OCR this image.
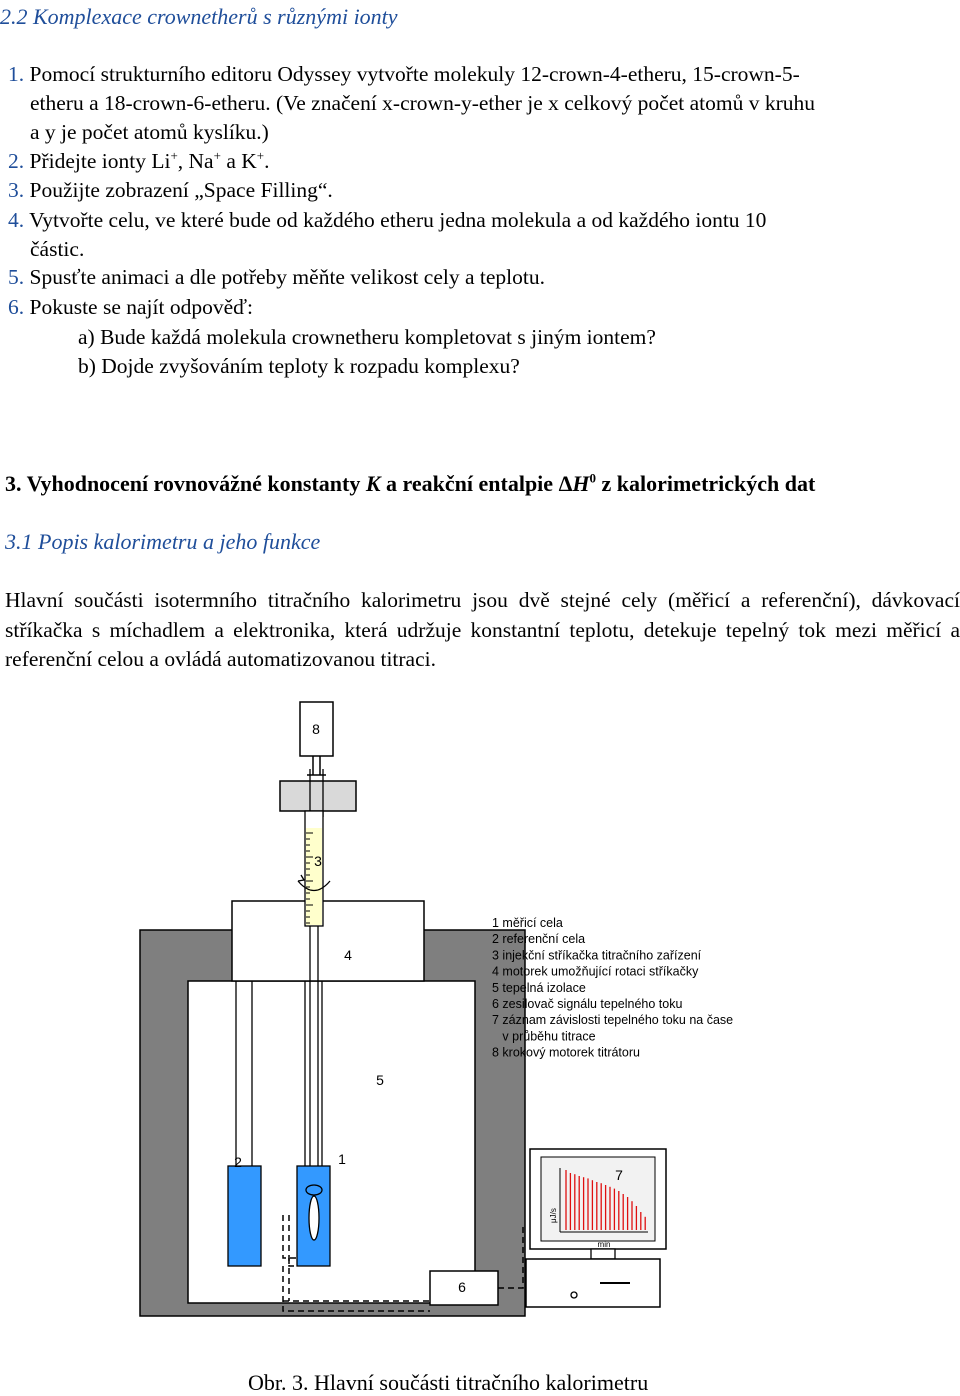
2.2 Komplexace crownetherů s různými ionty
1. Pomocí strukturního editoru Odyssey vytvořte molekuly 12-crown-4-etheru, 15-crown-5-
etheru a 18-crown-6-etheru. (Ve značení x-crown-y-ether je x celkový počet atomů v kruhu
a y je počet atomů kyslíku.)
2. Přidejte ionty Li+, Na+ a K+.
3. Použijte zobrazení „Space Filling“.
4. Vytvořte celu, ve které bude od každého etheru jedna molekula a od každého iontu 10
částic.
5. Spusťte animaci a dle potřeby měňte velikost cely a teplotu.
6. Pokuste se najít odpověď:
a) Bude každá molekula crownetheru kompletovat s jiným iontem?
b) Dojde zvyšováním teploty k rozpadu komplexu?
3. Vyhodnocení rovnovážné konstanty K a reakční entalpie $\Delta H^0$ z kalorimetrických dat
3.1 Popis kalorimetru a jeho funkce
Hlavní součásti isotermního titračního kalorimetru jsou dvě stejné cely (měřicí a referenční), dávkovací stříkačka s míchadlem a elektronika, která udržuje konstantní teplotu, detekuje tepelný tok mezi měřicí a referenční celou a ovládá automatizovanou titraci.
8
3
4
5
2	1
6
7
μJ/s
min
1 měřicí cela
2 referenční cela
3 injekční stříkačka titračního zařízení
4 motorek umožňující rotaci stříkačky
5 tepelná izolace
6 zesilovač signálu tepelného toku
7 záznam závislosti tepelného toku na čase
v průběhu titrace
8 krokový motorek titrátoru
Obr. 3. Hlavní součásti titračního kalorimetru
